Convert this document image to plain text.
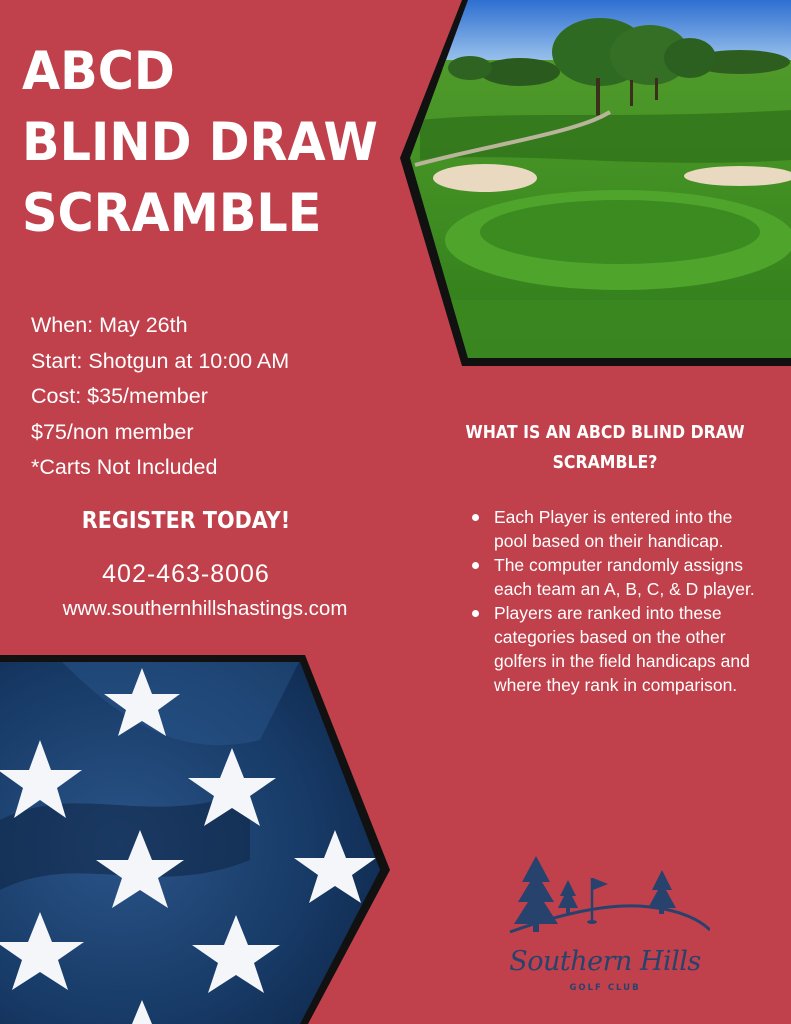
ABCD
BLIND DRAW
SCRAMBLE
When: May 26th
Start: Shotgun at 10:00 AM
Cost: $35/member
$75/non member
*Carts Not Included
REGISTER TODAY!
402-463-8006
www.southernhillshastings.com
WHAT IS AN ABCD BLIND DRAW
SCRAMBLE?
Each Player is entered into the pool based on their handicap.
The computer randomly assigns each team an A, B, C, & D player.
Players are ranked into these categories based on the other golfers in the field handicaps and where they rank in comparison.
Southern Hills
GOLF CLUB
